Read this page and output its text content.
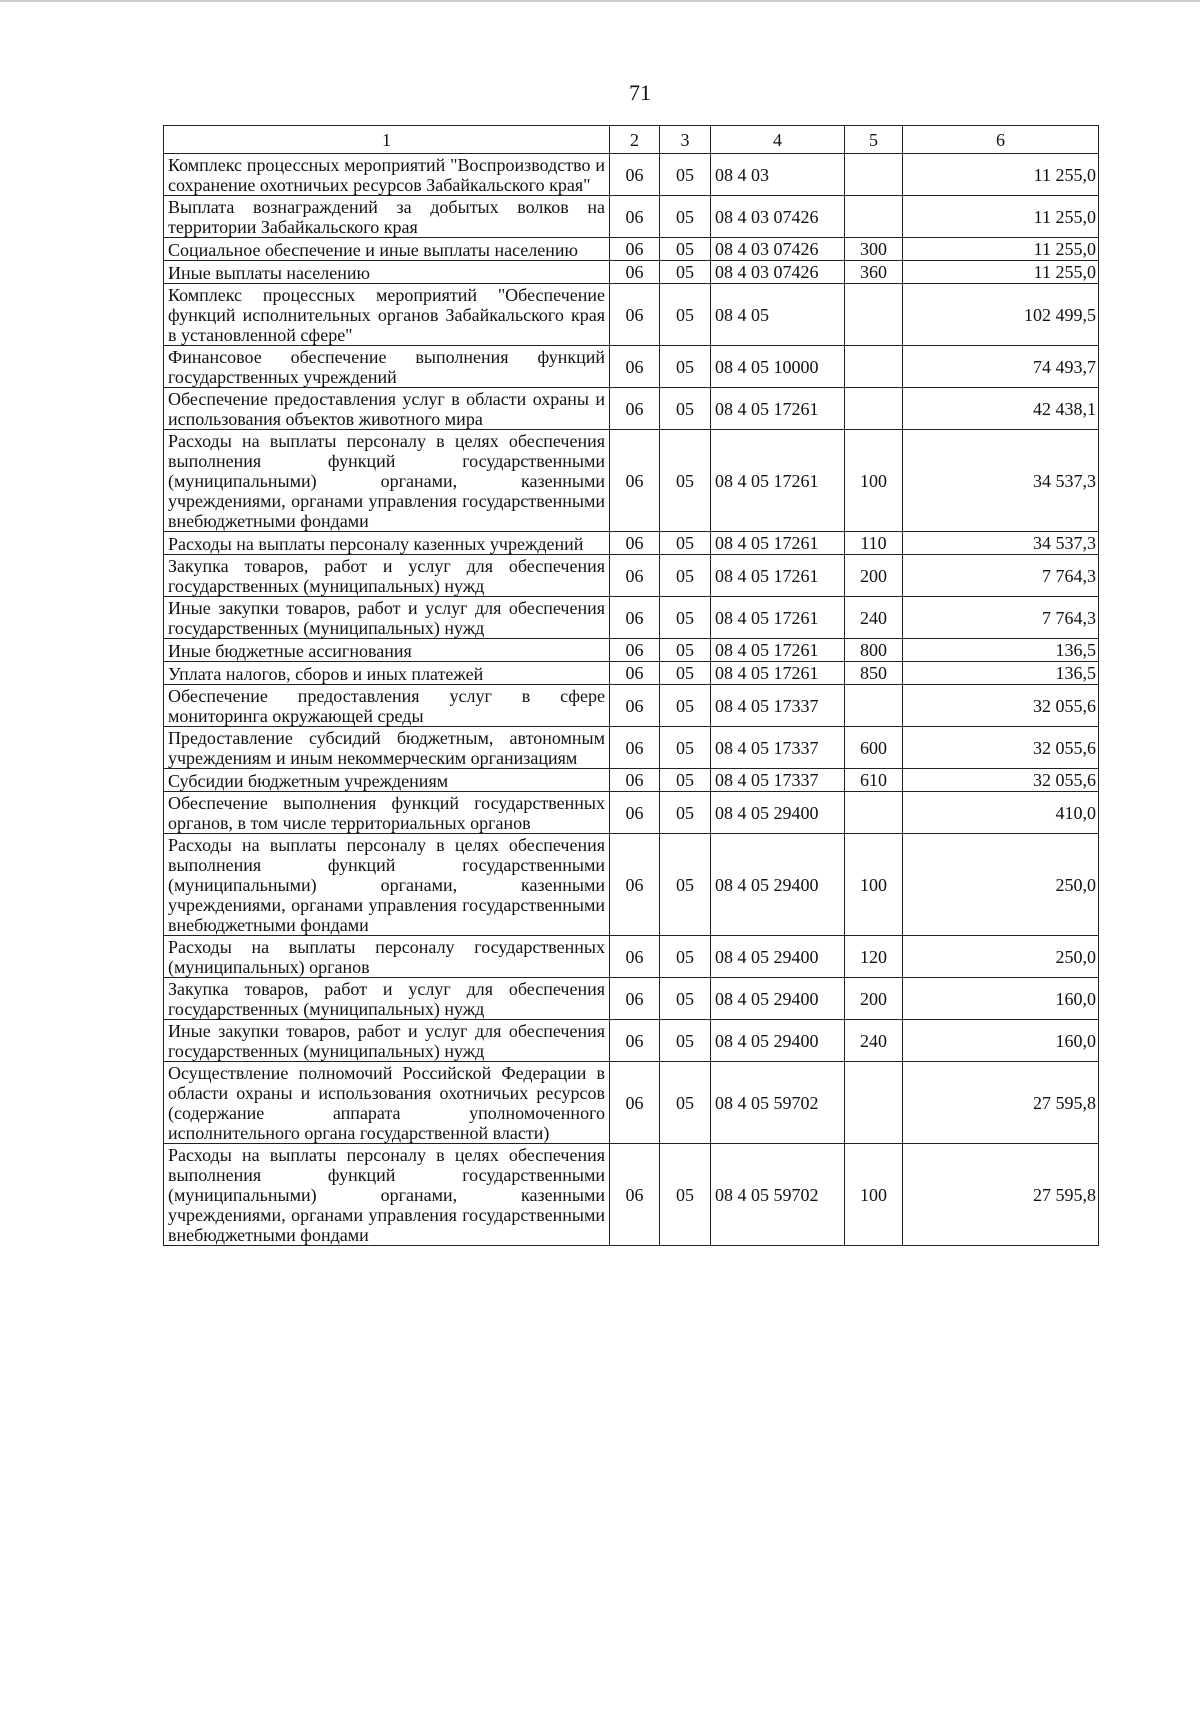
71
1	2	3	4	5	6
Комплекс процессных мероприятий "Воспроизводство и сохранение охотничьих ресурсов Забайкальского края"	06	05	08 4 03		11 255,0
Выплата вознаграждений за добытых волков на территории Забайкальского края	06	05	08 4 03 07426		11 255,0
Социальное обеспечение и иные выплаты населению	06	05	08 4 03 07426	300	11 255,0
Иные выплаты населению	06	05	08 4 03 07426	360	11 255,0
Комплекс процессных мероприятий "Обеспечение функций исполнительных органов Забайкальского края в установленной сфере"	06	05	08 4 05		102 499,5
Финансовое обеспечение выполнения функций государственных учреждений	06	05	08 4 05 10000		74 493,7
Обеспечение предоставления услуг в области охраны и использования объектов животного мира	06	05	08 4 05 17261		42 438,1
Расходы на выплаты персоналу в целях обеспечения выполнения функций государственными (муниципальными) органами, казенными учреждениями, органами управления государственными внебюджетными фондами	06	05	08 4 05 17261	100	34 537,3
Расходы на выплаты персоналу казенных учреждений	06	05	08 4 05 17261	110	34 537,3
Закупка товаров, работ и услуг для обеспечения государственных (муниципальных) нужд	06	05	08 4 05 17261	200	7 764,3
Иные закупки товаров, работ и услуг для обеспечения государственных (муниципальных) нужд	06	05	08 4 05 17261	240	7 764,3
Иные бюджетные ассигнования	06	05	08 4 05 17261	800	136,5
Уплата налогов, сборов и иных платежей	06	05	08 4 05 17261	850	136,5
Обеспечение предоставления услуг в сфере мониторинга окружающей среды	06	05	08 4 05 17337		32 055,6
Предоставление субсидий бюджетным, автономным учреждениям и иным некоммерческим организациям	06	05	08 4 05 17337	600	32 055,6
Субсидии бюджетным учреждениям	06	05	08 4 05 17337	610	32 055,6
Обеспечение выполнения функций государственных органов, в том числе территориальных органов	06	05	08 4 05 29400		410,0
Расходы на выплаты персоналу в целях обеспечения выполнения функций государственными (муниципальными) органами, казенными учреждениями, органами управления государственными внебюджетными фондами	06	05	08 4 05 29400	100	250,0
Расходы на выплаты персоналу государственных (муниципальных) органов	06	05	08 4 05 29400	120	250,0
Закупка товаров, работ и услуг для обеспечения государственных (муниципальных) нужд	06	05	08 4 05 29400	200	160,0
Иные закупки товаров, работ и услуг для обеспечения государственных (муниципальных) нужд	06	05	08 4 05 29400	240	160,0
Осуществление полномочий Российской Федерации в области охраны и использования охотничьих ресурсов (содержание аппарата уполномоченного исполнительного органа государственной власти)	06	05	08 4 05 59702		27 595,8
Расходы на выплаты персоналу в целях обеспечения выполнения функций государственными (муниципальными) органами, казенными учреждениями, органами управления государственными внебюджетными фондами	06	05	08 4 05 59702	100	27 595,8
